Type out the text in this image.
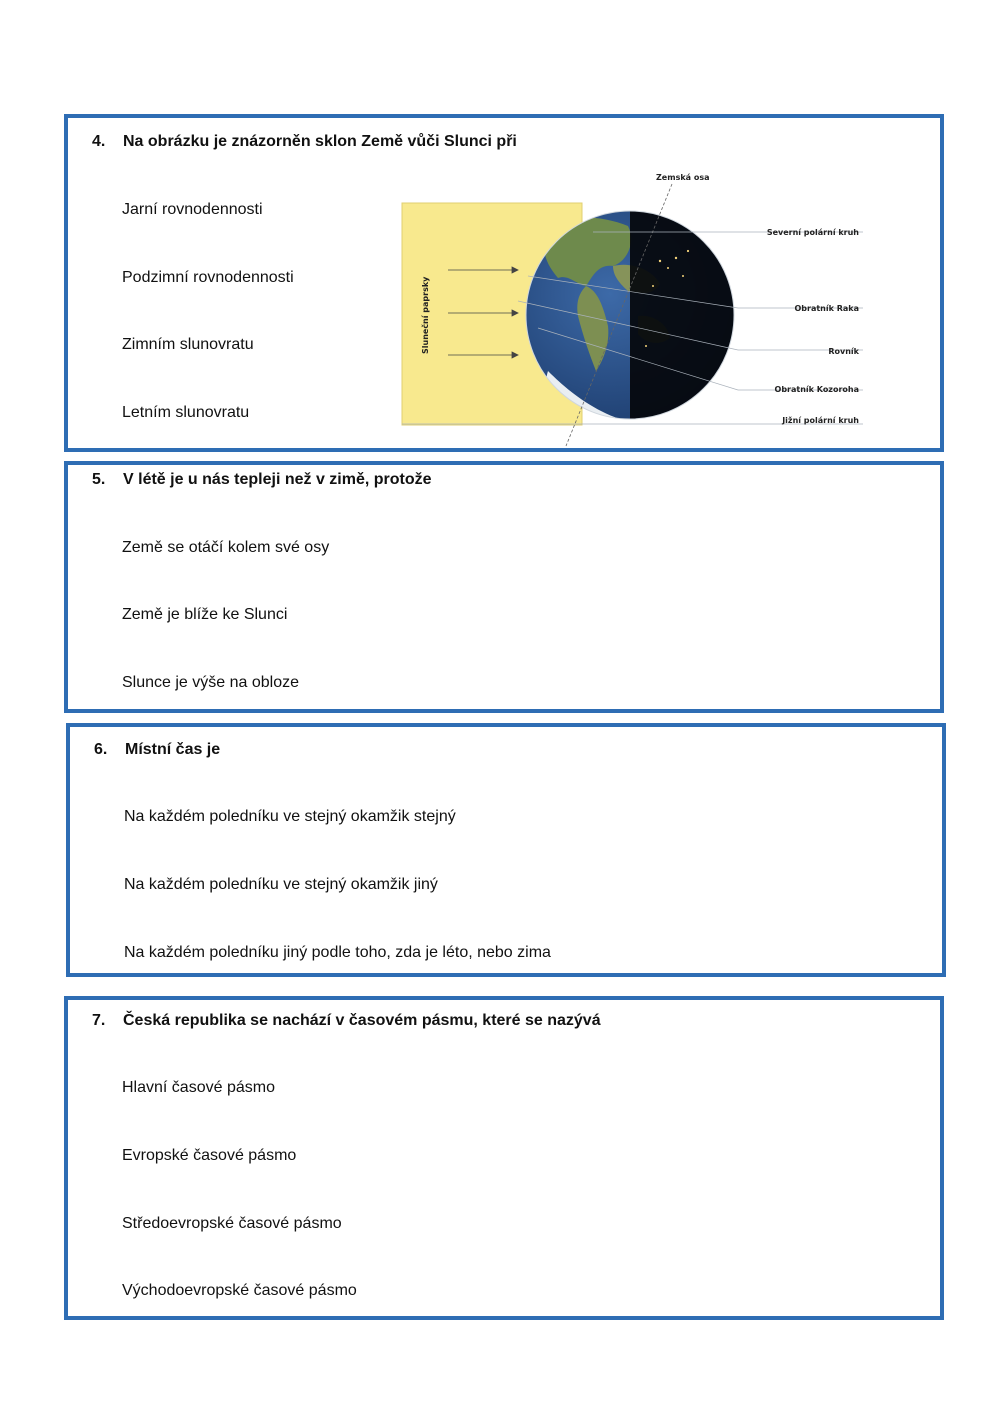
4. Na obrázku je znázorněn sklon Země vůči Slunci při
Jarní rovnodennosti
Podzimní rovnodennosti
Zimním slunovratu
Letním slunovratu
Zemská osa
Sluneční paprsky
Severní polární kruh
Obratník Raka
Rovník
Obratník Kozoroha
Jižní polární kruh
5. V létě je u nás tepleji než v zimě, protože
Země se otáčí kolem své osy
Země je blíže ke Slunci
Slunce je výše na obloze
6. Místní čas je
Na každém poledníku ve stejný okamžik stejný
Na každém poledníku ve stejný okamžik jiný
Na každém poledníku jiný podle toho, zda je léto, nebo zima
7. Česká republika se nachází v časovém pásmu, které se nazývá
Hlavní časové pásmo
Evropské časové pásmo
Středoevropské časové pásmo
Východoevropské časové pásmo
